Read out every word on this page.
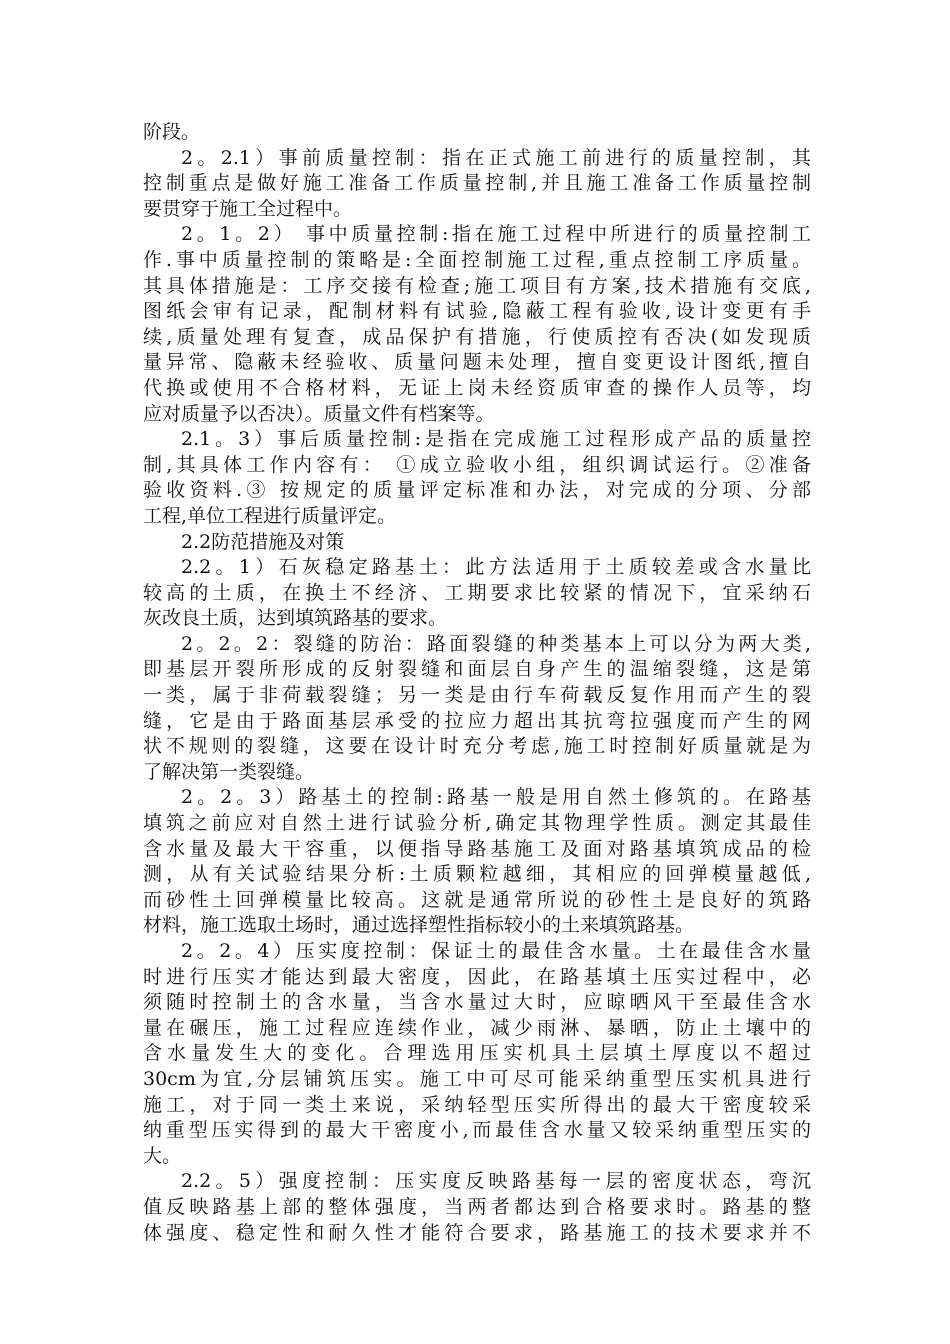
阶段。
2。2.1）事前质量控制：指在正式施工前进行的质量控制，其
控制重点是做好施工准备工作质量控制,并且施工准备工作质量控制
要贯穿于施工全过程中。
2。1。2） 事中质量控制:指在施工过程中所进行的质量控制工
作.事中质量控制的策略是:全面控制施工过程,重点控制工序质量。
其具体措施是：工序交接有检查;施工项目有方案,技术措施有交底,
图纸会审有记录，配制材料有试验,隐蔽工程有验收,设计变更有手
续,质量处理有复查，成品保护有措施，行使质控有否决(如发现质
量异常、隐蔽未经验收、质量问题未处理，擅自变更设计图纸,擅自
代换或使用不合格材料，无证上岗未经资质审查的操作人员等，均
应对质量予以否决）。质量文件有档案等。
2.1。3）事后质量控制:是指在完成施工过程形成产品的质量控
制,其具体工作内容有： ①成立验收小组，组织调试运行。②准备
验收资料.③ 按规定的质量评定标准和办法，对完成的分项、分部
工程,单位工程进行质量评定。
2.2防范措施及对策
2.2。1）石灰稳定路基土：此方法适用于土质较差或含水量比
较高的土质，在换土不经济、工期要求比较紧的情况下，宜采纳石
灰改良土质，达到填筑路基的要求。
2。2。2：裂缝的防治：路面裂缝的种类基本上可以分为两大类,
即基层开裂所形成的反射裂缝和面层自身产生的温缩裂缝，这是第
一类，属于非荷载裂缝；另一类是由行车荷载反复作用而产生的裂
缝，它是由于路面基层承受的拉应力超出其抗弯拉强度而产生的网
状不规则的裂缝，这要在设计时充分考虑,施工时控制好质量就是为
了解决第一类裂缝。
2。2。3）路基土的控制:路基一般是用自然土修筑的。在路基
填筑之前应对自然土进行试验分析,确定其物理学性质。测定其最佳
含水量及最大干容重，以便指导路基施工及面对路基填筑成品的检
测，从有关试验结果分析:土质颗粒越细，其相应的回弹模量越低,
而砂性土回弹模量比较高。这就是通常所说的砂性土是良好的筑路
材料，施工选取土场时，通过选择塑性指标较小的土来填筑路基。
2。2。4）压实度控制：保证土的最佳含水量。土在最佳含水量
时进行压实才能达到最大密度，因此，在路基填土压实过程中，必
须随时控制土的含水量，当含水量过大时，应晾晒风干至最佳含水
量在碾压，施工过程应连续作业，减少雨淋、暴晒，防止土壤中的
含水量发生大的变化。合理选用压实机具土层填土厚度以不超过
30cm为宜,分层铺筑压实。施工中可尽可能采纳重型压实机具进行
施工，对于同一类土来说，采纳轻型压实所得出的最大干密度较采
纳重型压实得到的最大干密度小,而最佳含水量又较采纳重型压实的
大。
2.2。5）强度控制：压实度反映路基每一层的密度状态，弯沉
值反映路基上部的整体强度，当两者都达到合格要求时。路基的整
体强度、稳定性和耐久性才能符合要求，路基施工的技术要求并不
